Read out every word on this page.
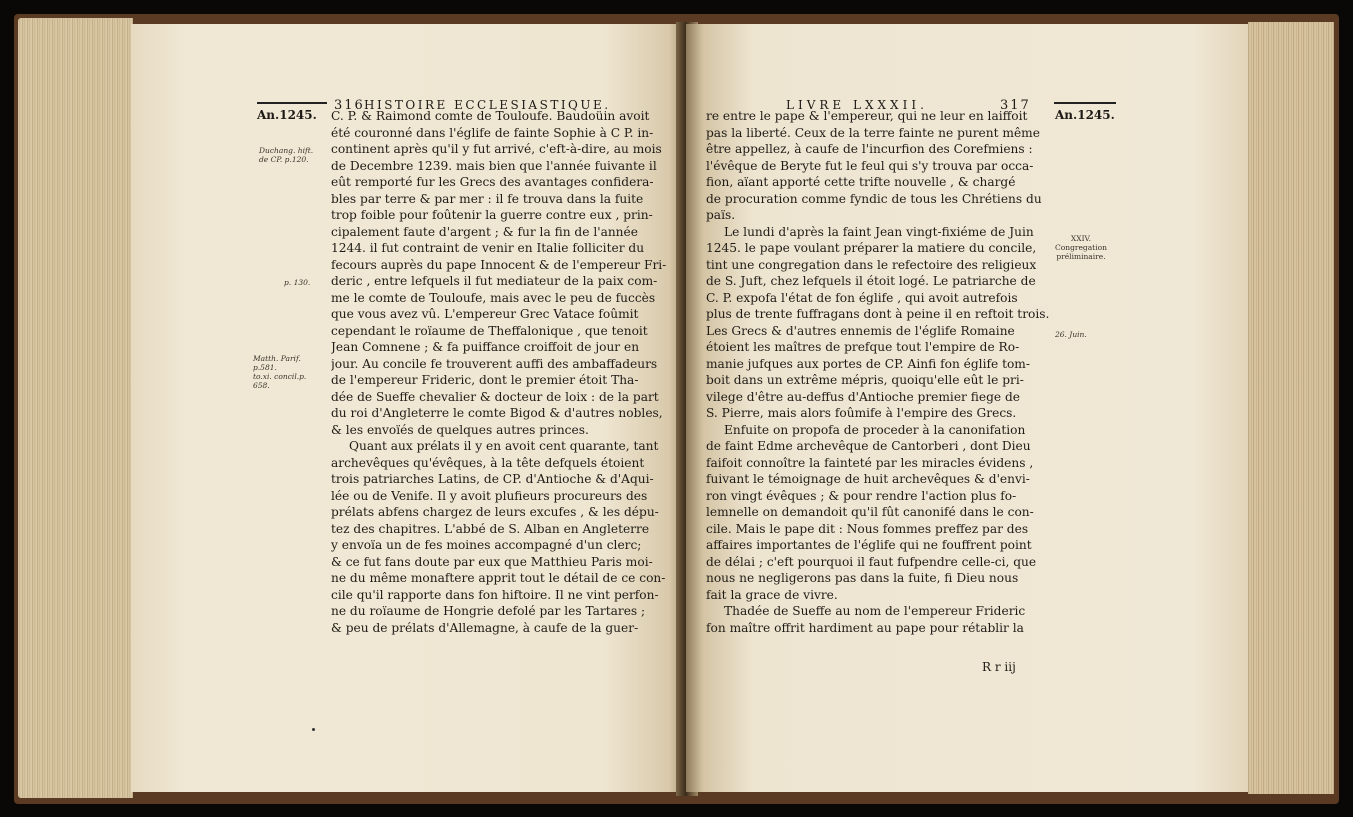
An.1245.
316 HISTOIRE ECCLESIASTIQUE.
Duchang. hift.
de CP. p.120.
p. 130.
Matth. Parif.
p.581.
to.xi. concil.p.
658.

C. P. & Raimond comte de Touloufe. Baudoüin avoit

été couronné dans l'églife de fainte Sophie à C P. in-

continent après qu'il y fut arrivé, c'eft-à-dire, au mois

de Decembre 1239. mais bien que l'année fuivante il

eût remporté fur les Grecs des avantages confidera-

bles par terre & par mer : il fe trouva dans la fuite

trop foible pour foûtenir la guerre contre eux , prin-

cipalement faute d'argent ; & fur la fin de l'année

1244. il fut contraint de venir en Italie folliciter du

fecours auprès du pape Innocent & de l'empereur Fri-

deric , entre lefquels il fut mediateur de la paix com-

me le comte de Touloufe, mais avec le peu de fuccès

que vous avez vû. L'empereur Grec Vatace foûmit

cependant le roïaume de Theffalonique , que tenoit

Jean Comnene ; & fa puiffance croiffoit de jour en

jour. Au concile fe trouverent auffi des ambaffadeurs

de l'empereur Frideric, dont le premier étoit Tha-

dée de Sueffe chevalier & docteur de loix : de la part

du roi d'Angleterre le comte Bigod & d'autres nobles,

& les envoïés de quelques autres princes.

Quant aux prélats il y en avoit cent quarante, tant

archevêques qu'évêques, à la tête defquels étoient

trois patriarches Latins, de CP. d'Antioche & d'Aqui-

lée ou de Venife. Il y avoit plufieurs procureurs des

prélats abfens chargez de leurs excufes , & les dépu-

tez des chapitres. L'abbé de S. Alban en Angleterre

y envoïa un de fes moines accompagné d'un clerc;

& ce fut fans doute par eux que Matthieu Paris moi-

ne du même monaftere apprit tout le détail de ce con-

cile qu'il rapporte dans fon hiftoire. Il ne vint perfon-

ne du roïaume de Hongrie defolé par les Tartares ;

& peu de prélats d'Allemagne, à caufe de la guer-

LIVRE LXXXII.	317
An.1245.
XXIV.
Congregation
préliminaire.
26. Juin.

re entre le pape & l'empereur, qui ne leur en laiffoit

pas la liberté. Ceux de la terre fainte ne purent même

être appellez, à caufe de l'incurfion des Corefmiens :

l'évêque de Beryte fut le feul qui s'y trouva par occa-

fion, aïant apporté cette trifte nouvelle , & chargé

de procuration comme fyndic de tous les Chrétiens du

païs.

Le lundi d'après la faint Jean vingt-fixiéme de Juin

1245. le pape voulant préparer la matiere du concile,

tint une congregation dans le refectoire des religieux

de S. Juft, chez lefquels il étoit logé. Le patriarche de

C. P. expofa l'état de fon églife , qui avoit autrefois

plus de trente fuffragans dont à peine il en reftoit trois.

Les Grecs & d'autres ennemis de l'églife Romaine

étoient les maîtres de prefque tout l'empire de Ro-

manie jufques aux portes de CP. Ainfi fon églife tom-

boit dans un extrême mépris, quoiqu'elle eût le pri-

vilege d'être au-deffus d'Antioche premier fiege de

S. Pierre, mais alors foûmife à l'empire des Grecs.

Enfuite on propofa de proceder à la canonifation

de faint Edme archevêque de Cantorberi , dont Dieu

faifoit connoître la fainteté par les miracles évidens ,

fuivant le témoignage de huit archevêques & d'envi-

ron vingt évêques ; & pour rendre l'action plus fo-

lemnelle on demandoit qu'il fût canonifé dans le con-

cile. Mais le pape dit : Nous fommes preffez par des

affaires importantes de l'églife qui ne fouffrent point

de délai ; c'eft pourquoi il faut fufpendre celle-ci, que

nous ne negligerons pas dans la fuite, fi Dieu nous

fait la grace de vivre.

Thadée de Sueffe au nom de l'empereur Frideric

fon maître offrit hardiment au pape pour rétablir la

R r iij
